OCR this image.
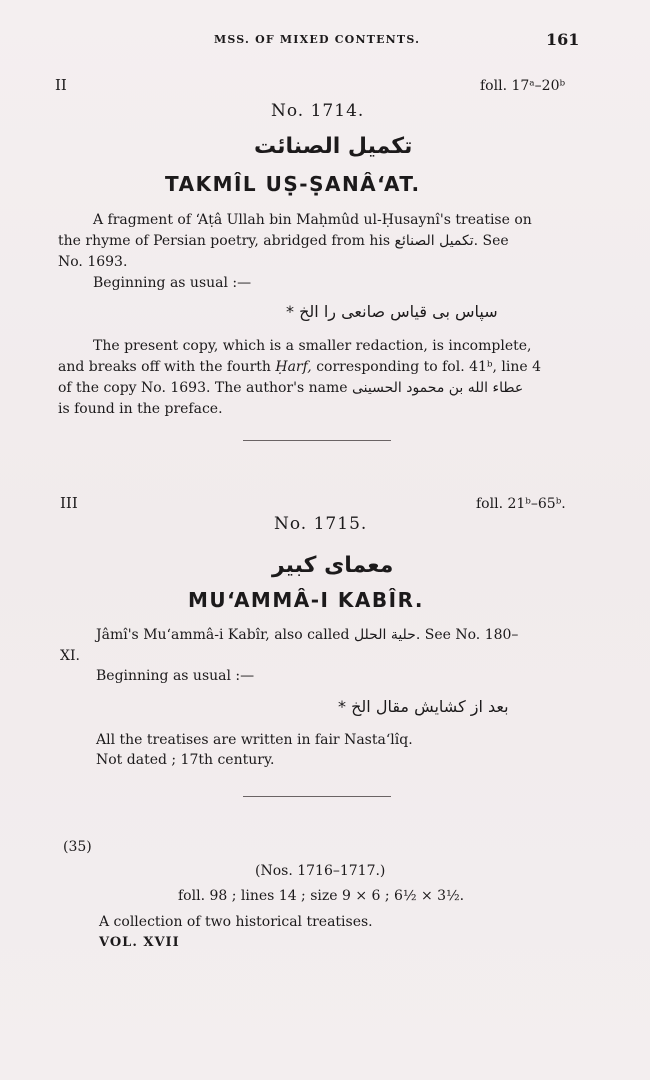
MSS. OF MIXED CONTENTS.	161
II	foll. 17ᵃ–20ᵇ
No. 1714.
تکمیل الصنائت
TAKMÎL UṢ-ṢANÂ‘AT.
A fragment of ‘Aṭâ Ullah bin Maḥmûd ul-Ḥusaynî's treatise on
the rhyme of Persian poetry, abridged from his تکمیل الصنائع. See
No. 1693.
Beginning as usual :—
سپاس بی قیاس صانعی را الخ *
The present copy, which is a smaller redaction, is incomplete,
and breaks off with the fourth Ḥarf, corresponding to fol. 41ᵇ, line 4
of the copy No. 1693. The author's name عطاء الله بن محمود الحسینی
is found in the preface.
III	foll. 21ᵇ–65ᵇ.
No. 1715.
معمای کبیر
MU‘AMMÂ-I KABÎR.
Jâmî's Mu‘ammâ-i Kabîr, also called حلیة الحلل. See No. 180–
XI.
Beginning as usual :—
بعد از کشایش مقال الخ *
All the treatises are written in fair Nasta‘lîq.
Not dated ; 17th century.
(35)
(Nos. 1716–1717.)
foll. 98 ; lines 14 ; size 9 × 6 ; 6½ × 3½.
A collection of two historical treatises.
VOL. XVII
